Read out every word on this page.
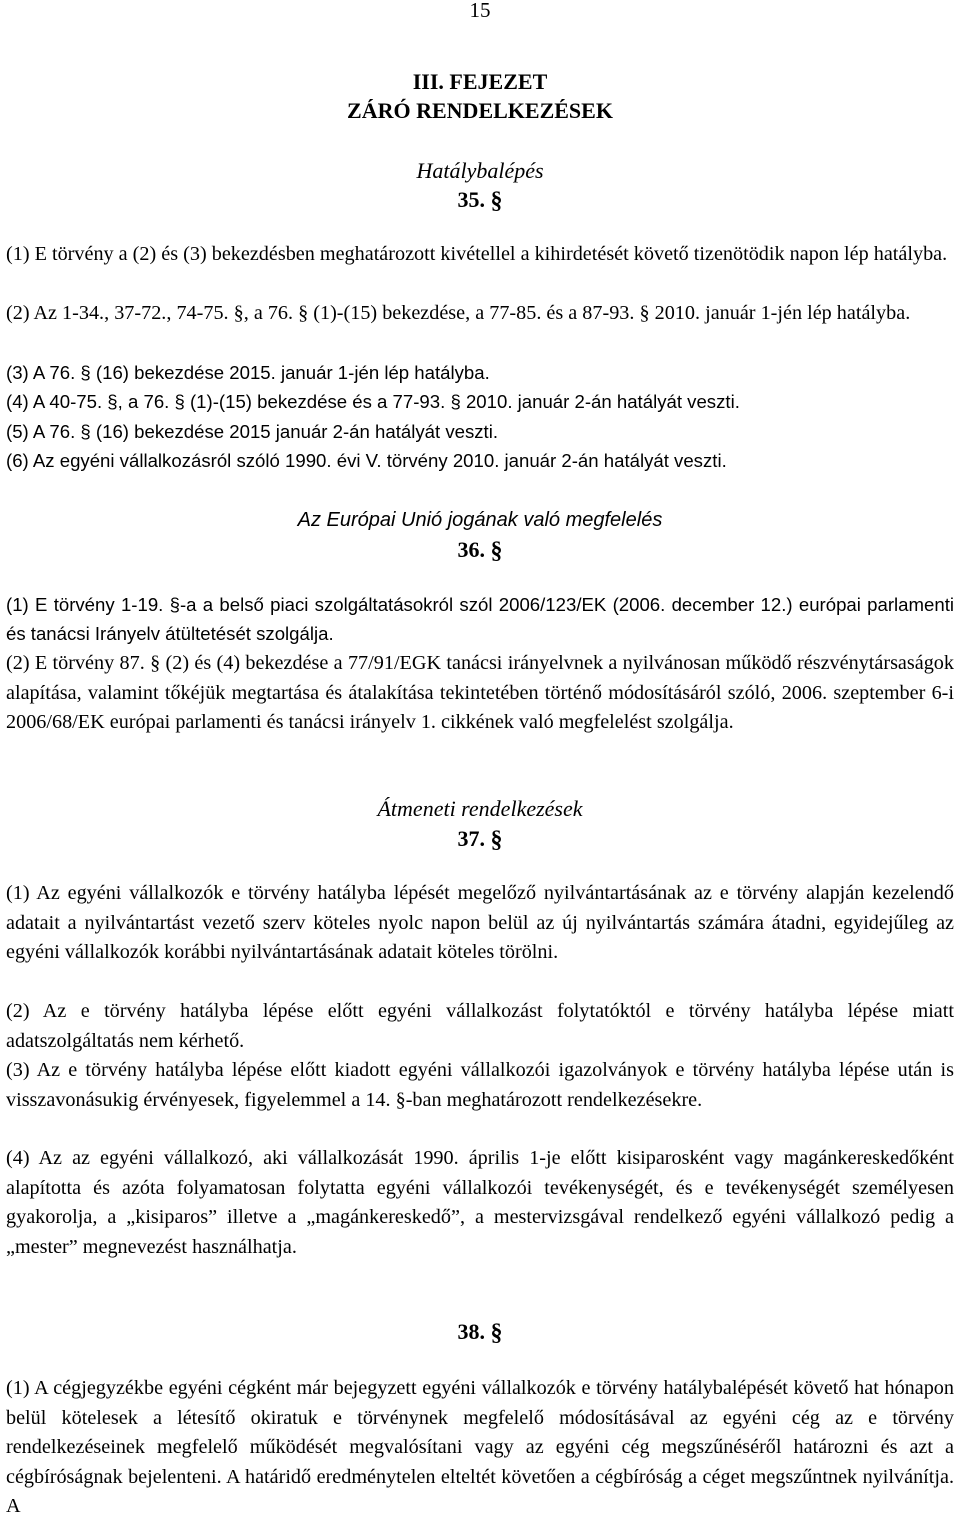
15
III. FEJEZET
ZÁRÓ RENDELKEZÉSEK
Hatálybalépés
35. §
(1) E törvény a (2) és (3) bekezdésben meghatározott kivétellel a kihirdetését követő tizenötödik napon lép hatályba.
(2) Az 1-34., 37-72., 74-75. §, a 76. § (1)-(15) bekezdése, a 77-85. és a 87-93. § 2010. január 1-jén lép hatályba.
(3) A 76. § (16) bekezdése 2015. január 1-jén lép hatályba.
(4) A 40-75. §, a 76. § (1)-(15) bekezdése és a 77-93. § 2010. január 2-án hatályát veszti.
(5) A 76. § (16) bekezdése 2015 január 2-án hatályát veszti.
(6) Az egyéni vállalkozásról szóló 1990. évi V. törvény 2010. január 2-án hatályát veszti.
Az Európai Unió jogának való megfelelés
36. §
(1) E törvény 1-19. §-a a belső piaci szolgáltatásokról szól 2006/123/EK (2006. december 12.) európai parlamenti és tanácsi Irányelv átültetését szolgálja.
(2) E törvény 87. § (2) és (4) bekezdése a 77/91/EGK tanácsi irányelvnek a nyilvánosan működő részvénytársaságok alapítása, valamint tőkéjük megtartása és átalakítása tekintetében történő módosításáról szóló, 2006. szeptember 6-i 2006/68/EK európai parlamenti és tanácsi irányelv 1. cikkének való megfelelést szolgálja.
Átmeneti rendelkezések
37. §
(1) Az egyéni vállalkozók e törvény hatályba lépését megelőző nyilvántartásának az e törvény alapján kezelendő adatait a nyilvántartást vezető szerv köteles nyolc napon belül az új nyilvántartás számára átadni, egyidejűleg az egyéni vállalkozók korábbi nyilvántartásának adatait köteles törölni.
(2) Az e törvény hatályba lépése előtt egyéni vállalkozást folytatóktól e törvény hatályba lépése miatt adatszolgáltatás nem kérhető.
(3) Az e törvény hatályba lépése előtt kiadott egyéni vállalkozói igazolványok e törvény hatályba lépése után is visszavonásukig érvényesek, figyelemmel a 14. §-ban meghatározott rendelkezésekre.
(4) Az az egyéni vállalkozó, aki vállalkozását 1990. április 1-je előtt kisiparosként vagy magánkereskedőként alapította és azóta folyamatosan folytatta egyéni vállalkozói tevékenységét, és e tevékenységét személyesen gyakorolja, a „kisiparos” illetve a „magánkereskedő”, a mestervizsgával rendelkező egyéni vállalkozó pedig a „mester” megnevezést használhatja.
38. §
(1) A cégjegyzékbe egyéni cégként már bejegyzett egyéni vállalkozók e törvény hatálybalépését követő hat hónapon belül kötelesek a létesítő okiratuk e törvénynek megfelelő módosításával az egyéni cég az e törvény rendelkezéseinek megfelelő működését megvalósítani vagy az egyéni cég megszűnéséről határozni és azt a cégbíróságnak bejelenteni. A határidő eredménytelen elteltét követően a cégbíróság a céget megszűntnek nyilvánítja. A
